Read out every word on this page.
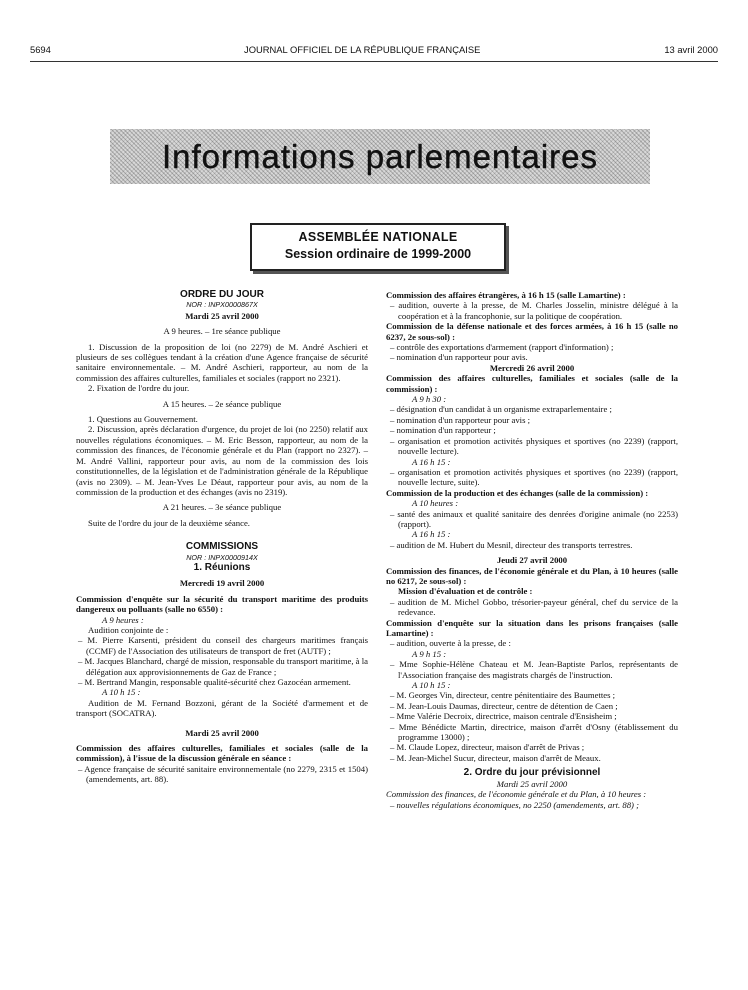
5694	JOURNAL OFFICIEL DE LA RÉPUBLIQUE FRANÇAISE	13 avril 2000
Informations parlementaires
ASSEMBLÉE NATIONALE
Session ordinaire de 1999-2000

ORDRE DU JOUR

NOR : INPX0000867X

Mardi 25 avril 2000

A 9 heures. – 1re séance publique

1. Discussion de la proposition de loi (no 2279) de M. André Aschieri et plusieurs de ses collègues tendant à la création d'une Agence française de sécurité sanitaire environnementale. – M. André Aschieri, rapporteur, au nom de la commission des affaires culturelles, familiales et sociales (rapport no 2321).

2. Fixation de l'ordre du jour.

A 15 heures. – 2e séance publique

1. Questions au Gouvernement.

2. Discussion, après déclaration d'urgence, du projet de loi (no 2250) relatif aux nouvelles régulations économiques. – M. Eric Besson, rapporteur, au nom de la commission des finances, de l'économie générale et du Plan (rapport no 2327). – M. André Vallini, rapporteur pour avis, au nom de la commission des lois constitutionnelles, de la législation et de l'administration générale de la République (avis no 2309). – M. Jean-Yves Le Déaut, rapporteur pour avis, au nom de la commission de la production et des échanges (avis no 2319).

A 21 heures. – 3e séance publique

Suite de l'ordre du jour de la deuxième séance.

COMMISSIONS

NOR : INPX0000914X

1. Réunions

Mercredi 19 avril 2000

Commission d'enquête sur la sécurité du transport maritime des produits dangereux ou polluants (salle no 6550) :

A 9 heures :

Audition conjointe de :

– M. Pierre Karsenti, président du conseil des chargeurs maritimes français (CCMF) de l'Association des utilisateurs de transport de fret (AUTF) ;

– M. Jacques Blanchard, chargé de mission, responsable du transport maritime, à la délégation aux approvisionnements de Gaz de France ;

– M. Bertrand Mangin, responsable qualité-sécurité chez Gazocéan armement.

A 10 h 15 :

Audition de M. Fernand Bozzoni, gérant de la Société d'armement et de transport (SOCATRA).

Mardi 25 avril 2000

Commission des affaires culturelles, familiales et sociales (salle de la commission), à l'issue de la discussion générale en séance :

– Agence française de sécurité sanitaire environnementale (no 2279, 2315 et 1504) (amendements, art. 88).

Commission des affaires étrangères, à 16 h 15 (salle Lamartine) :

– audition, ouverte à la presse, de M. Charles Josselin, ministre délégué à la coopération et à la francophonie, sur la politique de coopération.

Commission de la défense nationale et des forces armées, à 16 h 15 (salle no 6237, 2e sous-sol) :

– contrôle des exportations d'armement (rapport d'information) ;

– nomination d'un rapporteur pour avis.

Mercredi 26 avril 2000

Commission des affaires culturelles, familiales et sociales (salle de la commission) :

A 9 h 30 :

– désignation d'un candidat à un organisme extraparlementaire ;

– nomination d'un rapporteur pour avis ;

– nomination d'un rapporteur ;

– organisation et promotion activités physiques et sportives (no 2239) (rapport, nouvelle lecture).

A 16 h 15 :

– organisation et promotion activités physiques et sportives (no 2239) (rapport, nouvelle lecture, suite).

Commission de la production et des échanges (salle de la commission) :

A 10 heures :

– santé des animaux et qualité sanitaire des denrées d'origine animale (no 2253) (rapport).

A 16 h 15 :

– audition de M. Hubert du Mesnil, directeur des transports terrestres.

Jeudi 27 avril 2000

Commission des finances, de l'économie générale et du Plan, à 10 heures (salle no 6217, 2e sous-sol) :

Mission d'évaluation et de contrôle :

– audition de M. Michel Gobbo, trésorier-payeur général, chef du service de la redevance.

Commission d'enquête sur la situation dans les prisons françaises (salle Lamartine) :

– audition, ouverte à la presse, de :

A 9 h 15 :

– Mme Sophie-Hélène Chateau et M. Jean-Baptiste Parlos, représentants de l'Association française des magistrats chargés de l'instruction.

A 10 h 15 :

– M. Georges Vin, directeur, centre pénitentiaire des Baumettes ;

– M. Jean-Louis Daumas, directeur, centre de détention de Caen ;

– Mme Valérie Decroix, directrice, maison centrale d'Ensisheim ;

– Mme Bénédicte Martin, directrice, maison d'arrêt d'Osny (établissement du programme 13000) ;

– M. Claude Lopez, directeur, maison d'arrêt de Privas ;

– M. Jean-Michel Sucur, directeur, maison d'arrêt de Meaux.

2. Ordre du jour prévisionnel

Mardi 25 avril 2000

Commission des finances, de l'économie générale et du Plan, à 10 heures :

– nouvelles régulations économiques, no 2250 (amendements, art. 88) ;
